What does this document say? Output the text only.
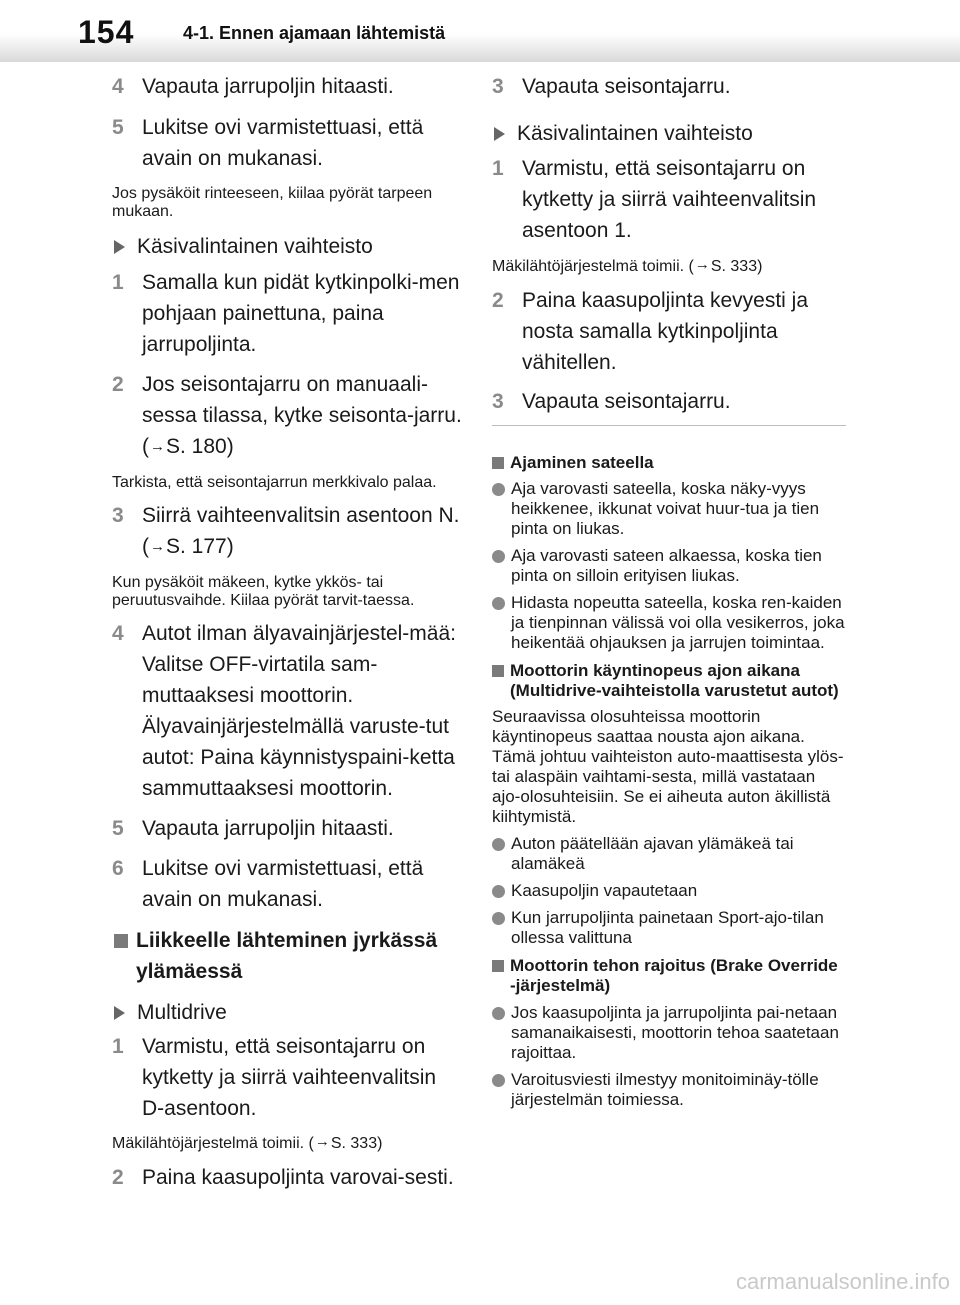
154	4-1. Ennen ajamaan lähtemistä
4 Vapauta jarrupoljin hitaasti.
5 Lukitse ovi varmistettuasi, että avain on mukanasi.
Jos pysäköit rinteeseen, kiilaa pyörät tarpeen mukaan.
Käsivalintainen vaihteisto
1 Samalla kun pidät kytkinpolki-men pohjaan painettuna, paina jarrupoljinta.
2 Jos seisontajarru on manuaali-sessa tilassa, kytke seisonta-jarru. (→S. 180)
Tarkista, että seisontajarrun merkkivalo palaa.
3 Siirrä vaihteenvalitsin asentoon N. (→S. 177)
Kun pysäköit mäkeen, kytke ykkös- tai peruutusvaihde. Kiilaa pyörät tarvit-taessa.
4 Autot ilman älyavainjärjestel-mää: Valitse OFF-virtatila sam-muttaaksesi moottorin. Älyavainjärjestelmällä varuste-tut autot: Paina käynnistyspaini-ketta sammuttaaksesi moottorin.
5 Vapauta jarrupoljin hitaasti.
6 Lukitse ovi varmistettuasi, että avain on mukanasi.
Liikkeelle lähteminen jyrkässä ylämäessä
Multidrive
1 Varmistu, että seisontajarru on kytketty ja siirrä vaihteenvalitsin D-asentoon.
Mäkilähtöjärjestelmä toimii. (→S. 333)
2 Paina kaasupoljinta varovai-sesti.
3 Vapauta seisontajarru.
Käsivalintainen vaihteisto
1 Varmistu, että seisontajarru on kytketty ja siirrä vaihteenvalitsin asentoon 1.
Mäkilähtöjärjestelmä toimii. (→S. 333)
2 Paina kaasupoljinta kevyesti ja nosta samalla kytkinpoljinta vähitellen.
3 Vapauta seisontajarru.
Ajaminen sateella
Aja varovasti sateella, koska näky-vyys heikkenee, ikkunat voivat huur-tua ja tien pinta on liukas.
Aja varovasti sateen alkaessa, koska tien pinta on silloin erityisen liukas.
Hidasta nopeutta sateella, koska ren-kaiden ja tienpinnan välissä voi olla vesikerros, joka heikentää ohjauksen ja jarrujen toimintaa.
Moottorin käyntinopeus ajon aikana (Multidrive-vaihteistolla varustetut autot)
Seuraavissa olosuhteissa moottorin käyntinopeus saattaa nousta ajon aikana. Tämä johtuu vaihteiston auto-maattisesta ylös- tai alaspäin vaihtami-sesta, millä vastataan ajo-olosuhteisiin. Se ei aiheuta auton äkillistä kiihtymistä.
Auton päätellään ajavan ylämäkeä tai alamäkeä
Kaasupoljin vapautetaan
Kun jarrupoljinta painetaan Sport-ajo-tilan ollessa valittuna
Moottorin tehon rajoitus (Brake Override -järjestelmä)
Jos kaasupoljinta ja jarrupoljinta pai-netaan samanaikaisesti, moottorin tehoa saatetaan rajoittaa.
Varoitusviesti ilmestyy monitoiminäy-tölle järjestelmän toimiessa.
carmanualsonline.info
